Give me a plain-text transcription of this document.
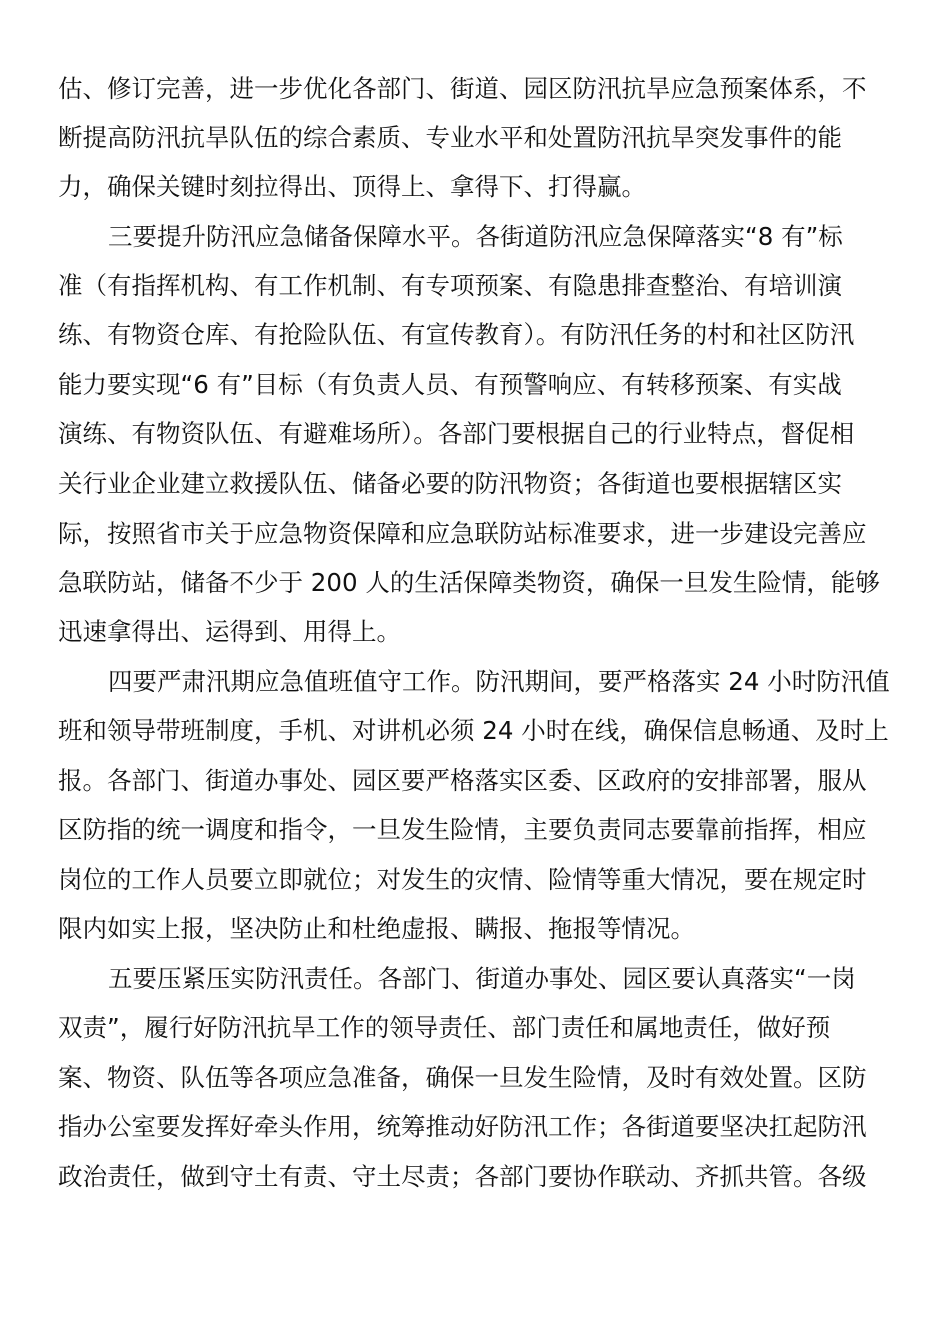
估、修订完善，进一步优化各部门、街道、园区防汛抗旱应急预案体系，不
断提高防汛抗旱队伍的综合素质、专业水平和处置防汛抗旱突发事件的能
力，确保关键时刻拉得出、顶得上、拿得下、打得赢。
三要提升防汛应急储备保障水平。各街道防汛应急保障落实“8 有”标
准（有指挥机构、有工作机制、有专项预案、有隐患排查整治、有培训演
练、有物资仓库、有抢险队伍、有宣传教育）。有防汛任务的村和社区防汛
能力要实现“6 有”目标（有负责人员、有预警响应、有转移预案、有实战
演练、有物资队伍、有避难场所）。各部门要根据自己的行业特点，督促相
关行业企业建立救援队伍、储备必要的防汛物资；各街道也要根据辖区实
际，按照省市关于应急物资保障和应急联防站标准要求，进一步建设完善应
急联防站，储备不少于 200 人的生活保障类物资，确保一旦发生险情，能够
迅速拿得出、运得到、用得上。
四要严肃汛期应急值班值守工作。防汛期间，要严格落实 24 小时防汛值
班和领导带班制度，手机、对讲机必须 24 小时在线，确保信息畅通、及时上
报。各部门、街道办事处、园区要严格落实区委、区政府的安排部署，服从
区防指的统一调度和指令，一旦发生险情，主要负责同志要靠前指挥，相应
岗位的工作人员要立即就位；对发生的灾情、险情等重大情况，要在规定时
限内如实上报，坚决防止和杜绝虚报、瞒报、拖报等情况。
五要压紧压实防汛责任。各部门、街道办事处、园区要认真落实“一岗
双责”，履行好防汛抗旱工作的领导责任、部门责任和属地责任，做好预
案、物资、队伍等各项应急准备，确保一旦发生险情，及时有效处置。区防
指办公室要发挥好牵头作用，统筹推动好防汛工作；各街道要坚决扛起防汛
政治责任，做到守土有责、守土尽责；各部门要协作联动、齐抓共管。各级
